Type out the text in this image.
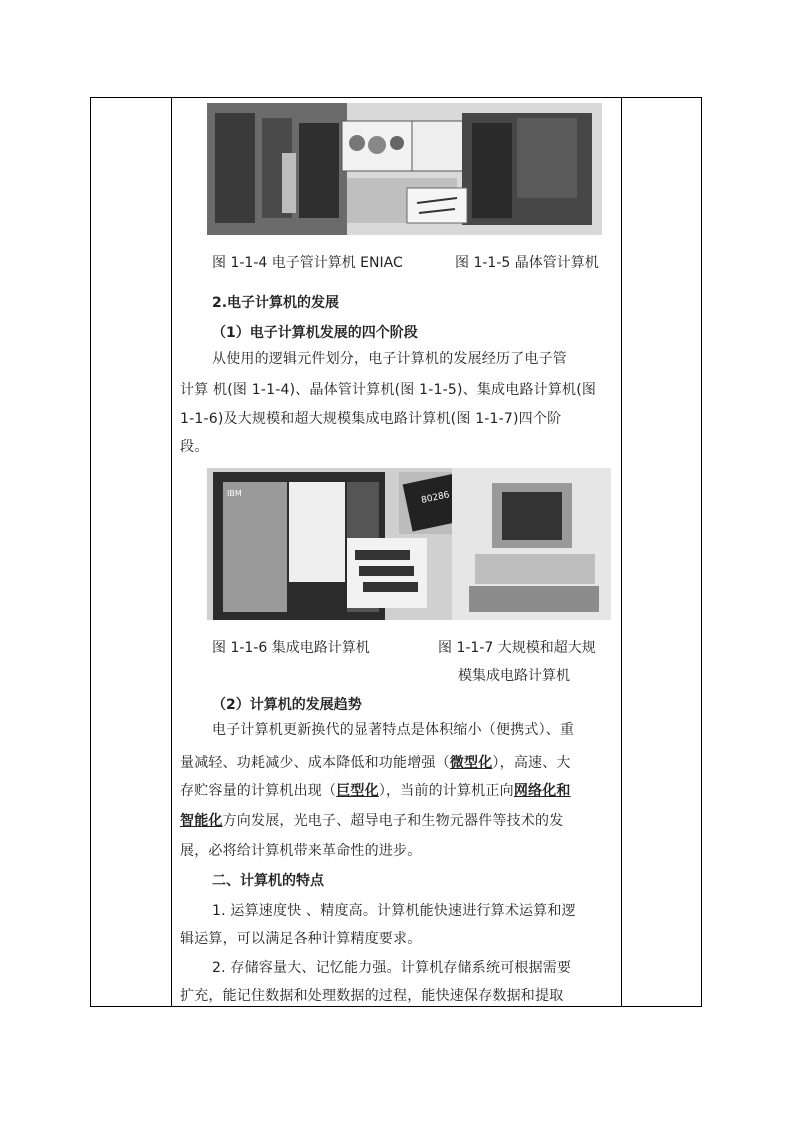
图 1-1-4 电子管计算机 ENIAC	图 1-1-5 晶体管计算机
2.电子计算机的发展
（1）电子计算机发展的四个阶段
从使用的逻辑元件划分，电子计算机的发展经历了电子管
计算 机(图 1-1-4)、晶体管计算机(图 1-1-5)、集成电路计算机(图
1-1-6)及大规模和超大规模集成电路计算机(图 1-1-7)四个阶
段。
IBM	80286
图 1-1-6 集成电路计算机	图 1-1-7 大规模和超大规
模集成电路计算机
（2）计算机的发展趋势
电子计算机更新换代的显著特点是体积缩小（便携式）、重
量减轻、功耗减少、成本降低和功能增强（微型化），高速、大
存贮容量的计算机出现（巨型化），当前的计算机正向网络化和
智能化方向发展，光电子、超导电子和生物元器件等技术的发
展，必将给计算机带来革命性的进步。
二、计算机的特点
1. 运算速度快 、精度高。计算机能快速进行算术运算和逻
辑运算，可以满足各种计算精度要求。
2. 存储容量大、记忆能力强。计算机存储系统可根据需要
扩充，能记住数据和处理数据的过程，能快速保存数据和提取
